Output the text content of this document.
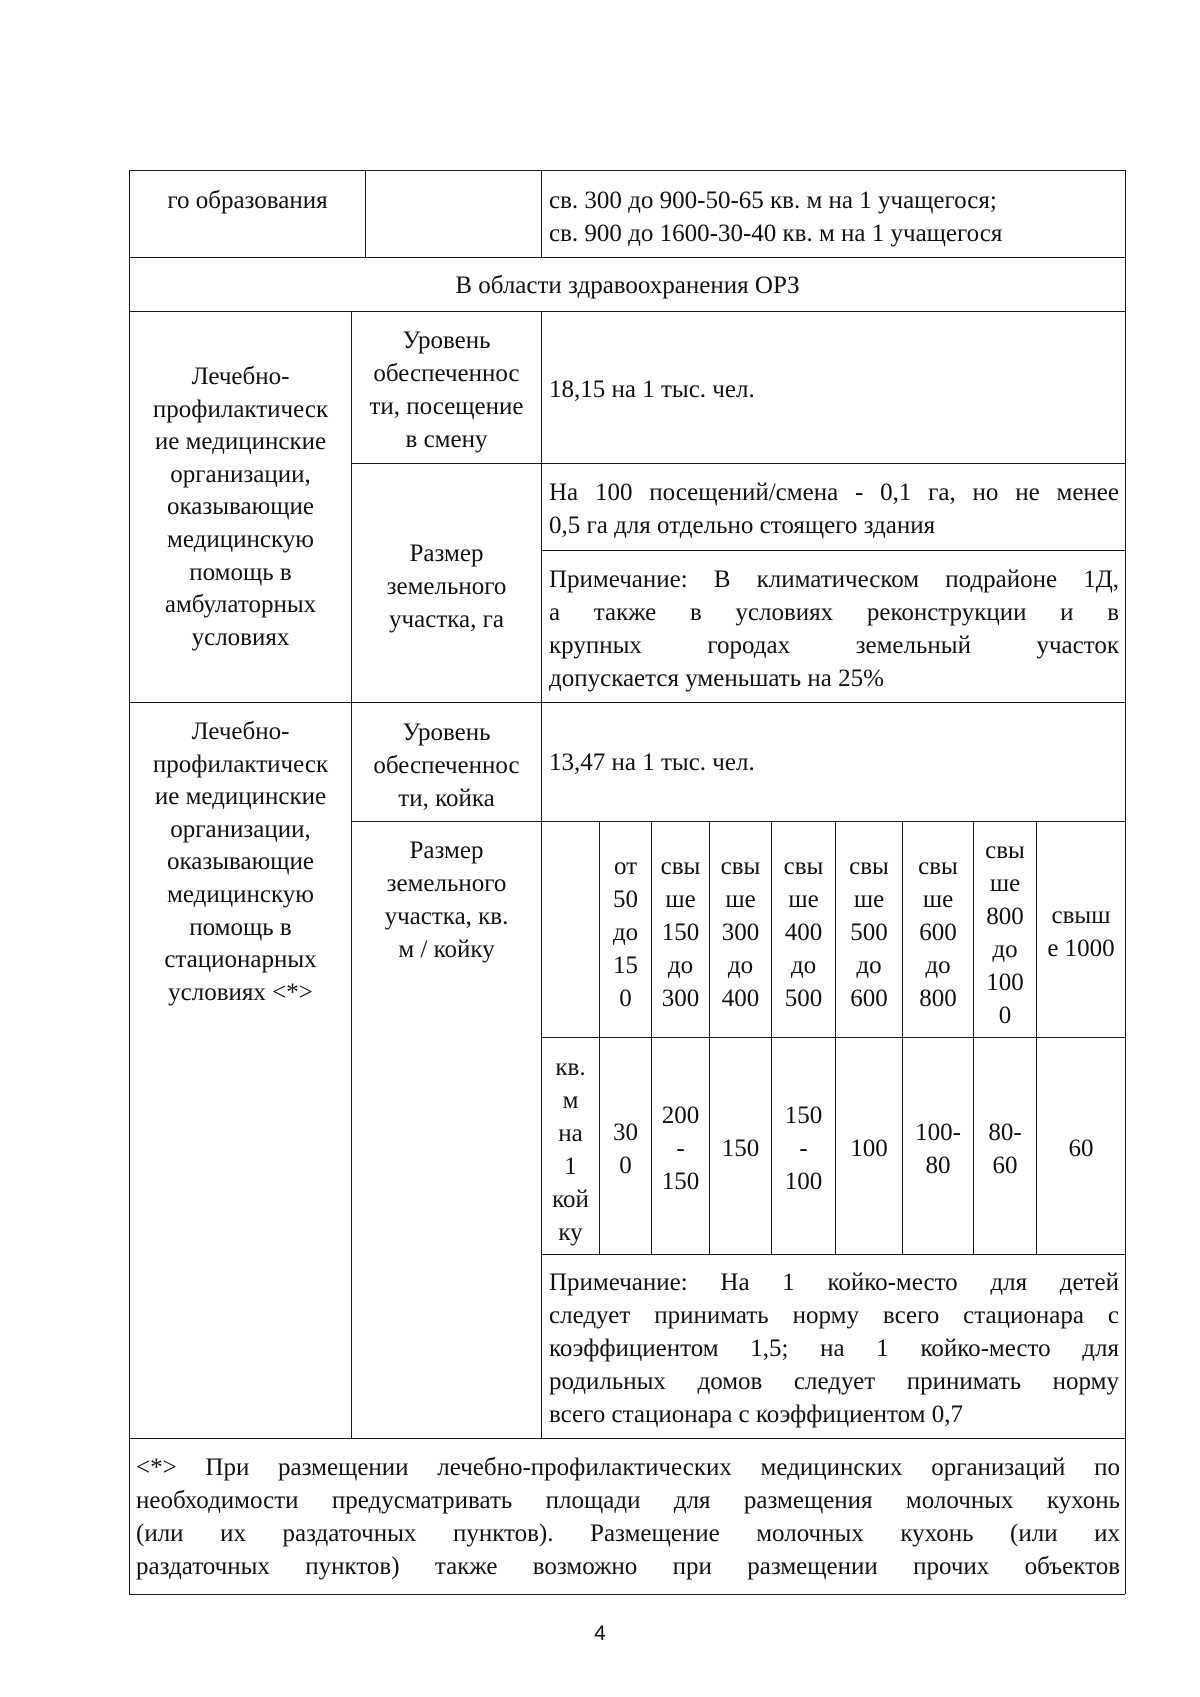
го образования	св. 300 до 900-50-65 кв. м на 1 учащегося;
св. 900 до 1600-30-40 кв. м на 1 учащегося
В области здравоохранения ОРЗ
Лечебно-
профилактическ
ие медицинские
организации,
оказывающие
медицинскую
помощь в
амбулаторных
условиях
Уровень
обеспеченнос
ти, посещение
в смену
18,15 на 1 тыс. чел.
Размер
земельного
участка, га
На 100 посещений/смена - 0,1 га, но не менее
0,5 га для отдельно стоящего здания
Примечание: В климатическом подрайоне 1Д,
а также в условиях реконструкции и в
крупных городах земельный участок
допускается уменьшать на 25%
Лечебно-
профилактическ
ие медицинские
организации,
оказывающие
медицинскую
помощь в
стационарных
условиях <*>
Уровень
обеспеченнос
ти, койка
13,47 на 1 тыс. чел.
Размер
земельного
участка, кв.
м / койку
от
50
до
15
0
свы
ше
150
до
300
свы
ше
300
до
400
свы
ше
400
до
500
свы
ше
500
до
600
свы
ше
600
до
800
свы
ше
800
до
100
0
свыш
е 1000
кв.
м
на
1
кой
ку
30
0
200
-
150
150
150
-
100
100
100-
80
80-
60
60
Примечание: На 1 койко-место для детей
следует принимать норму всего стационара с
коэффициентом 1,5; на 1 койко-место для
родильных домов следует принимать норму
всего стационара с коэффициентом 0,7
<*> При размещении лечебно-профилактических медицинских организаций по
необходимости предусматривать площади для размещения молочных кухонь
(или их раздаточных пунктов). Размещение молочных кухонь (или их
раздаточных пунктов) также возможно при размещении прочих объектов
4
